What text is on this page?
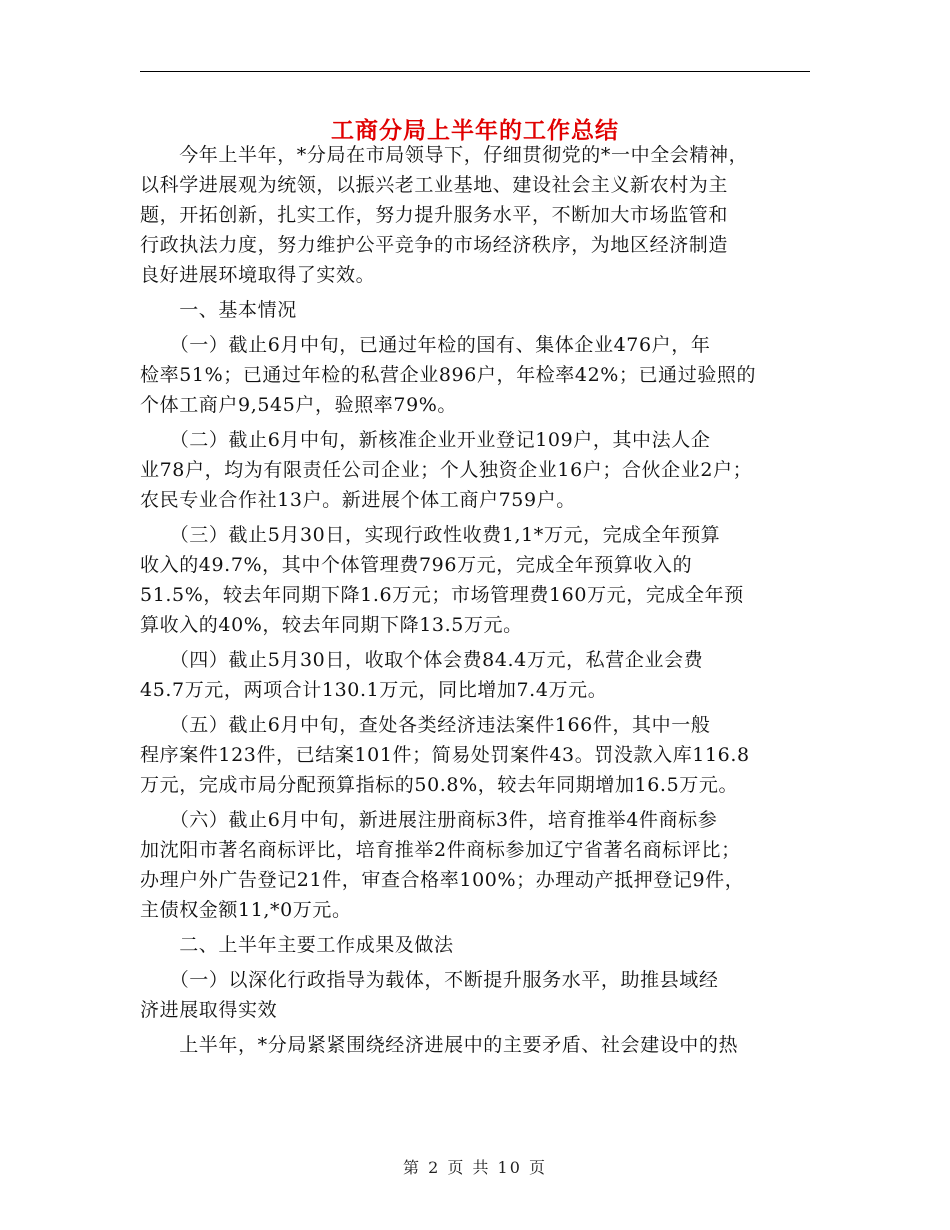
工商分局上半年的工作总结
　　今年上半年，*分局在市局领导下，仔细贯彻党的*一中全会精神，
以科学进展观为统领，以振兴老工业基地、建设社会主义新农村为主
题，开拓创新，扎实工作，努力提升服务水平，不断加大市场监管和
行政执法力度，努力维护公平竞争的市场经济秩序，为地区经济制造
良好进展环境取得了实效。
　　一、基本情况
　　（一）截止6月中旬，已通过年检的国有、集体企业476户，年
检率51%；已通过年检的私营企业896户，年检率42%；已通过验照的
个体工商户9,545户，验照率79%。
　　（二）截止6月中旬，新核准企业开业登记109户，其中法人企
业78户，均为有限责任公司企业；个人独资企业16户；合伙企业2户；
农民专业合作社13户。新进展个体工商户759户。
　　（三）截止5月30日，实现行政性收费1,1*万元，完成全年预算
收入的49.7%，其中个体管理费796万元，完成全年预算收入的
51.5%，较去年同期下降1.6万元；市场管理费160万元，完成全年预
算收入的40%，较去年同期下降13.5万元。
　　（四）截止5月30日，收取个体会费84.4万元，私营企业会费
45.7万元，两项合计130.1万元，同比增加7.4万元。
　　（五）截止6月中旬，查处各类经济违法案件166件，其中一般
程序案件123件，已结案101件；简易处罚案件43。罚没款入库116.8
万元，完成市局分配预算指标的50.8%，较去年同期增加16.5万元。
　　（六）截止6月中旬，新进展注册商标3件，培育推举4件商标参
加沈阳市著名商标评比，培育推举2件商标参加辽宁省著名商标评比；
办理户外广告登记21件，审查合格率100%；办理动产抵押登记9件，
主债权金额11,*0万元。
　　二、上半年主要工作成果及做法
　　（一）以深化行政指导为载体，不断提升服务水平，助推县域经
济进展取得实效
　　上半年，*分局紧紧围绕经济进展中的主要矛盾、社会建设中的热
第 2 页 共 10 页
